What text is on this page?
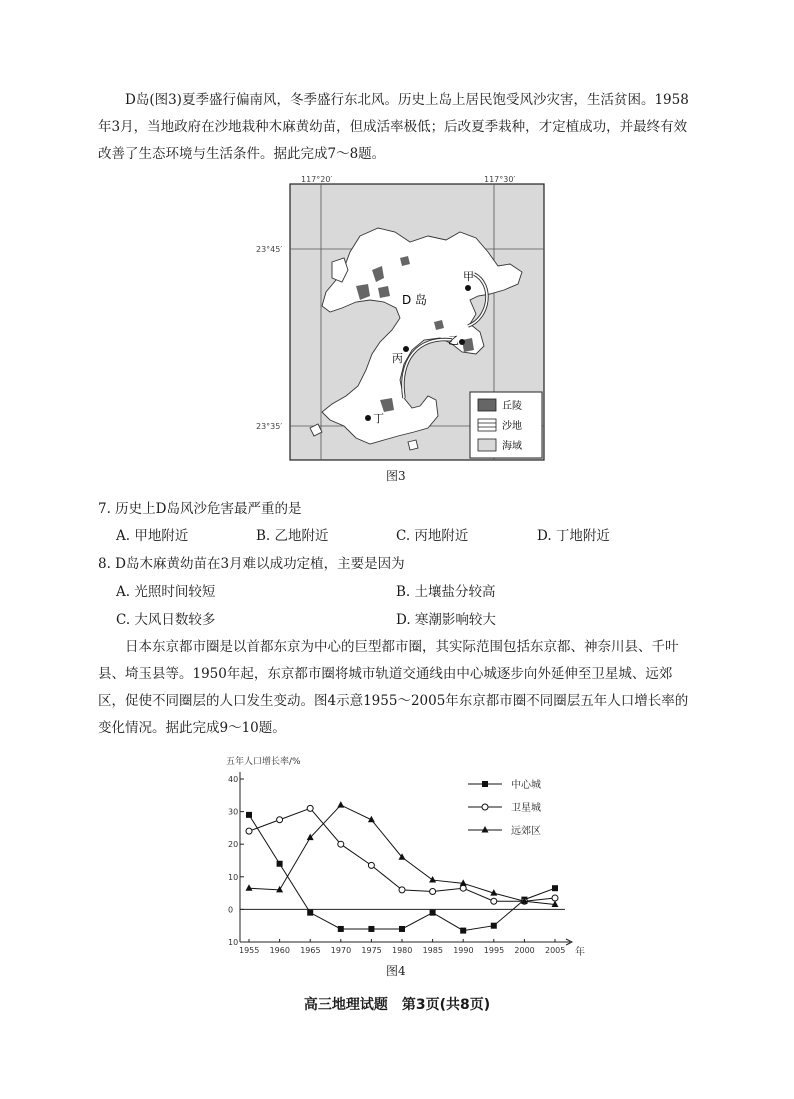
D岛(图3)夏季盛行偏南风，冬季盛行东北风。历史上岛上居民饱受风沙灾害，生活贫困。1958年3月，当地政府在沙地栽种木麻黄幼苗，但成活率极低；后改夏季栽种，才定植成功，并最终有效改善了生态环境与生活条件。据此完成7～8题。

甲
乙
丙
丁
D 岛
117°20′	117°30′
23°45′
23°35′
丘陵
沙地
海域
图3
7. 历史上D岛风沙危害最严重的是
A. 甲地附近	B. 乙地附近	C. 丙地附近	D. 丁地附近
8. D岛木麻黄幼苗在3月难以成功定植，主要是因为
A. 光照时间较短	B. 土壤盐分较高
C. 大风日数较多	D. 寒潮影响较大

日本东京都市圈是以首都东京为中心的巨型都市圈，其实际范围包括东京都、神奈川县、千叶县、埼玉县等。1950年起，东京都市圈将城市轨道交通线由中心城逐步向外延伸至卫星城、远郊区，促使不同圈层的人口发生变动。图4示意1955～2005年东京都市圈不同圈层五年人口增长率的变化情况。据此完成9～10题。

五年人口增长率/%
年
40
30
20
10
0
10
1955 1960 1965 1970 1975 1980 1985 1990 1995 2000 2005
中心城
卫星城
远郊区
图4
高三地理试题　第3页(共8页)
